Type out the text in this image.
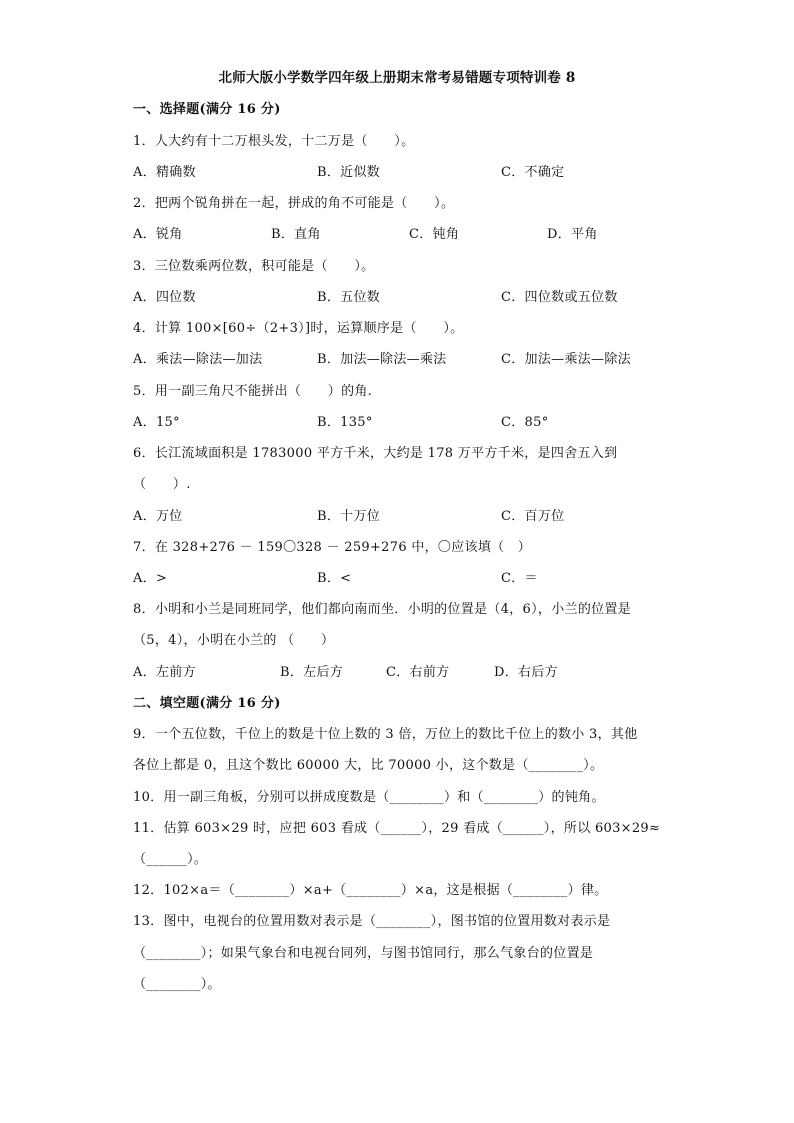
北师大版小学数学四年级上册期末常考易错题专项特训卷 8
一、选择题(满分 16 分)
1．人大约有十二万根头发，十二万是（　　）。
A．精确数	B．近似数	C．不确定
2．把两个锐角拼在一起，拼成的角不可能是（　　）。
A．锐角	B．直角	C．钝角	D．平角
3．三位数乘两位数，积可能是（　　）。
A．四位数	B．五位数	C．四位数或五位数
4．计算 100×[60÷（2+3）]时，运算顺序是（　　）。
A．乘法—除法—加法	B．加法—除法—乘法	C．加法—乘法—除法
5．用一副三角尺不能拼出（　　）的角.
A．15°	B．135°	C．85°
6．长江流域面积是 1783000 平方千米，大约是 178 万平方千米，是四舍五入到
（　　）.
A．万位	B．十万位	C．百万位
7．在 328+276 － 159〇328 － 259+276 中，〇应该填（　）
A．>	B．<	C．＝
8．小明和小兰是同班同学，他们都向南而坐．小明的位置是（4，6），小兰的位置是
（5，4），小明在小兰的 （　　）
A．左前方	B．左后方	C．右前方	D．右后方
二、填空题(满分 16 分)
9．一个五位数，千位上的数是十位上数的 3 倍，万位上的数比千位上的数小 3，其他
各位上都是 0，且这个数比 60000 大，比 70000 小，这个数是（________）。
10．用一副三角板，分别可以拼成度数是（________）和（________）的钝角。
11．估算 603×29 时，应把 603 看成（______），29 看成（______），所以 603×29≈
（______）。
12．102×a＝（________）×a+（________）×a，这是根据（________）律。
13．图中，电视台的位置用数对表示是（________），图书馆的位置用数对表示是
（________）；如果气象台和电视台同列，与图书馆同行，那么气象台的位置是
（________）。
